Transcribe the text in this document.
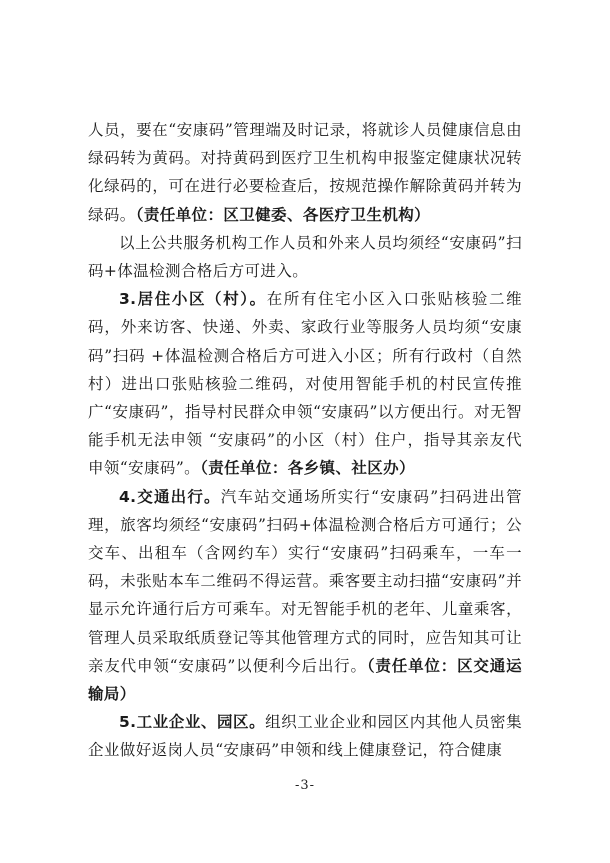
人员，要在“安康码”管理端及时记录，将就诊人员健康信息由绿码转为黄码。对持黄码到医疗卫生机构申报鉴定健康状况转化绿码的，可在进行必要检查后，按规范操作解除黄码并转为绿码。（责任单位：区卫健委、各医疗卫生机构）

以上公共服务机构工作人员和外来人员均须经“安康码”扫码+体温检测合格后方可进入。

3.居住小区（村）。在所有住宅小区入口张贴核验二维码，外来访客、快递、外卖、家政行业等服务人员均须“安康码”扫码 +体温检测合格后方可进入小区；所有行政村（自然村）进出口张贴核验二维码，对使用智能手机的村民宣传推广“安康码”，指导村民群众申领“安康码”以方便出行。对无智能手机无法申领 “安康码”的小区（村）住户，指导其亲友代申领“安康码”。（责任单位：各乡镇、社区办）

4.交通出行。汽车站交通场所实行“安康码”扫码进出管理，旅客均须经“安康码”扫码+体温检测合格后方可通行；公交车、出租车（含网约车）实行“安康码”扫码乘车，一车一码，未张贴本车二维码不得运营。乘客要主动扫描“安康码”并显示允许通行后方可乘车。对无智能手机的老年、儿童乘客，管理人员采取纸质登记等其他管理方式的同时，应告知其可让亲友代申领“安康码”以便利今后出行。（责任单位：区交通运输局）

5.工业企业、园区。组织工业企业和园区内其他人员密集企业做好返岗人员“安康码”申领和线上健康登记，符合健康

-3-
